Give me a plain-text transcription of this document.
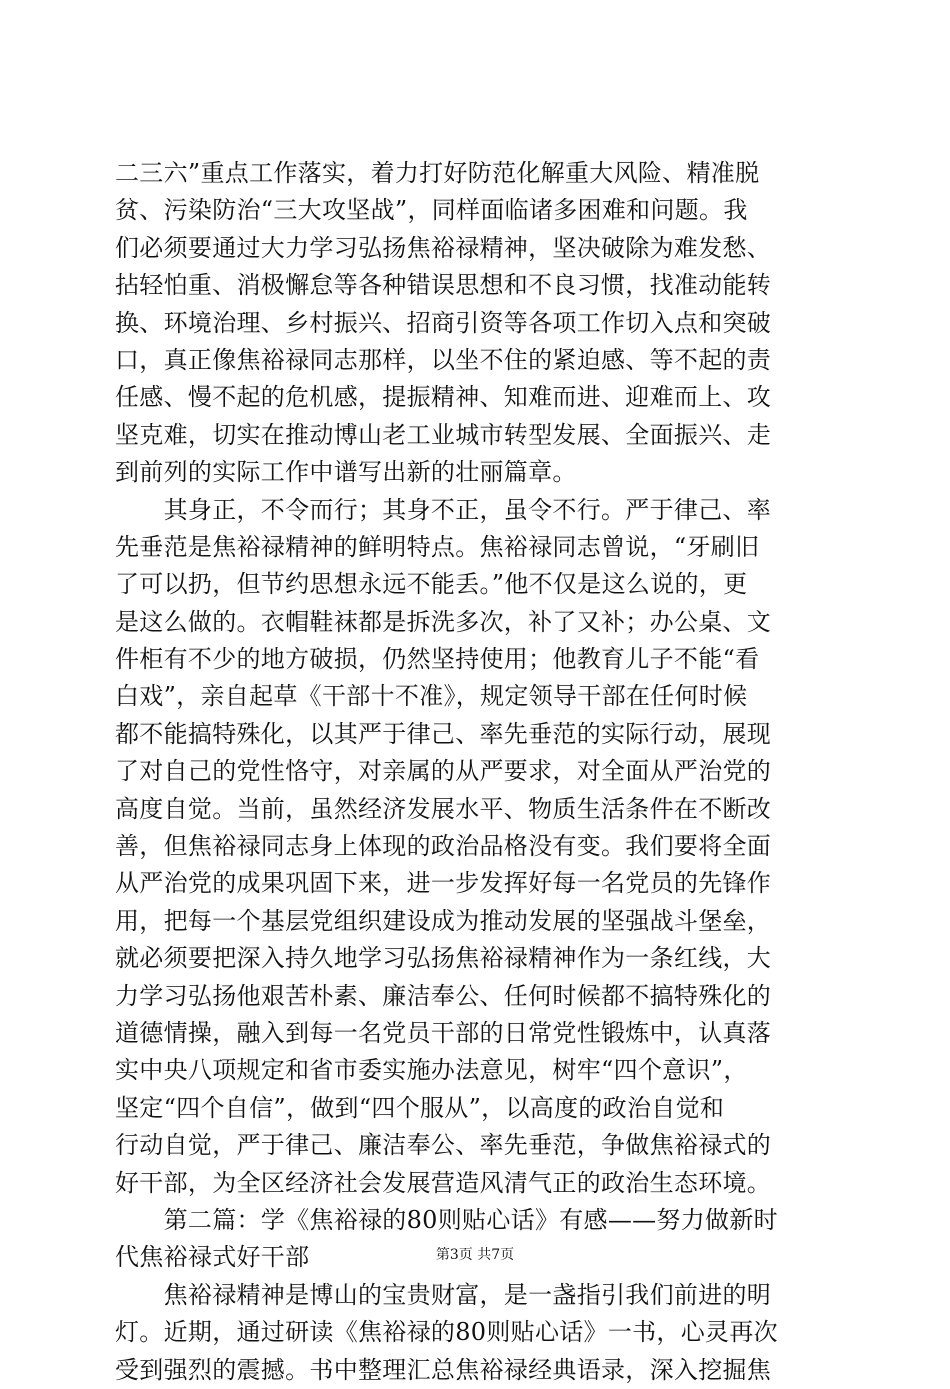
二三六”重点工作落实，着力打好防范化解重大风险、精准脱
贫、污染防治“三大攻坚战”，同样面临诸多困难和问题。我
们必须要通过大力学习弘扬焦裕禄精神，坚决破除为难发愁、
拈轻怕重、消极懈怠等各种错误思想和不良习惯，找准动能转
换、环境治理、乡村振兴、招商引资等各项工作切入点和突破
口，真正像焦裕禄同志那样，以坐不住的紧迫感、等不起的责
任感、慢不起的危机感，提振精神、知难而进、迎难而上、攻
坚克难，切实在推动博山老工业城市转型发展、全面振兴、走
到前列的实际工作中谱写出新的壮丽篇章。
　　其身正，不令而行；其身不正，虽令不行。严于律己、率
先垂范是焦裕禄精神的鲜明特点。焦裕禄同志曾说，“牙刷旧
了可以扔，但节约思想永远不能丢。”他不仅是这么说的，更
是这么做的。衣帽鞋袜都是拆洗多次，补了又补；办公桌、文
件柜有不少的地方破损，仍然坚持使用；他教育儿子不能“看
白戏”，亲自起草《干部十不准》，规定领导干部在任何时候
都不能搞特殊化，以其严于律己、率先垂范的实际行动，展现
了对自己的党性恪守，对亲属的从严要求，对全面从严治党的
高度自觉。当前，虽然经济发展水平、物质生活条件在不断改
善，但焦裕禄同志身上体现的政治品格没有变。我们要将全面
从严治党的成果巩固下来，进一步发挥好每一名党员的先锋作
用，把每一个基层党组织建设成为推动发展的坚强战斗堡垒，
就必须要把深入持久地学习弘扬焦裕禄精神作为一条红线，大
力学习弘扬他艰苦朴素、廉洁奉公、任何时候都不搞特殊化的
道德情操，融入到每一名党员干部的日常党性锻炼中，认真落
实中央八项规定和省市委实施办法意见，树牢“四个意识”，
坚定“四个自信”，做到“四个服从”，以高度的政治自觉和
行动自觉，严于律己、廉洁奉公、率先垂范，争做焦裕禄式的
好干部，为全区经济社会发展营造风清气正的政治生态环境。
　　第二篇：学《焦裕禄的80则贴心话》有感——努力做新时
代焦裕禄式好干部
　　焦裕禄精神是博山的宝贵财富，是一盏指引我们前进的明
灯。近期，通过研读《焦裕禄的80则贴心话》一书，心灵再次
受到强烈的震撼。书中整理汇总焦裕禄经典语录，深入挖掘焦
第3页 共7页
